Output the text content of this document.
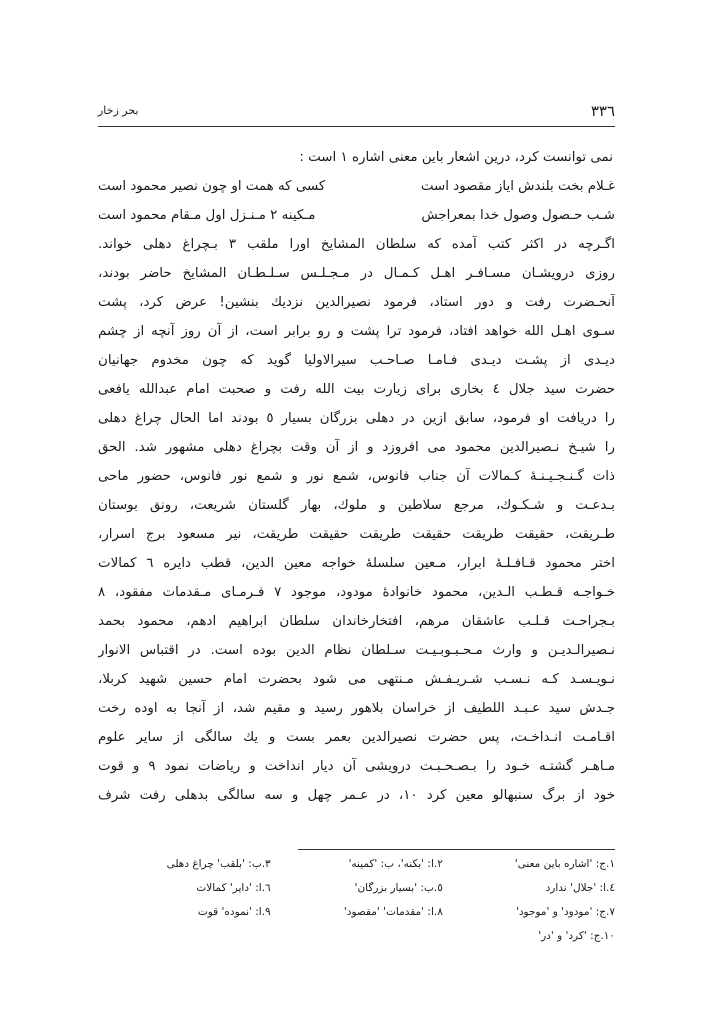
٣٣٦
بحر زخار
نمی توانست کرد، درین اشعار باین معنی اشاره ١ است :
غـلام بخت بلندش ایاز مقصود است
کسی که همت او چون نصیر محمود است
شـب حـصول وصول خدا بمعراجش
مـکینه ٢ مـنـزل اول مـقام محمود است
اگـرچه در اکثر کتب آمده که سلطان المشایخ اورا ملقب ٣ بـچراغ دهلی خواند.
روزی درویشـان مسـافـر اهـل کـمـال در مـجـلـس سـلـطـان المشایخ حاضر بودند،
آنحـضرت رفت و دور استاد، فرمود نصیرالدین نزدیك بنشین! عرض کرد، پشت
سـوی اهـل الله خواهد افتاد، فرمود ترا پشت و رو برابر است، از آن روز آنچه از چشم
دیـدی از پشـت دیـدی فـامـا صـاحـب سیرالاولیا گوید که چون مخدوم جهانیان
حضرت سید جلال ٤ بخاری برای زیارت بیت الله رفت و صحبت امام عبدالله یافعی
را دریافت او فرمود، سابق ازین در دهلی بزرگان بسیار ٥ بودند اما الحال چراغ دهلی
را شیـخ نـصیرالدین محمود می افروزد و از آن وقت بچراغ دهلی مشهور شد. الحق
ذات گـنـجـیـنـهٔ کـمالات آن جناب فانوس، شمع نور و شمع نور فانوس، حضور ماحی
بـدعـت و شـکـوك، مرجع سلاطین و ملوك، بهار گلستان شریعت، رونق بوستان
طـریقت، حقیقت طریقت حقیقت طریقت حقیقت طریقت، نیر مسعود برج اسرار،
اختر محمود قـافـلـهٔ ابرار، مـعین سلسلهٔ خواجه معین الدین، قطب دایره ٦ کمالات
خـواجـه قـطـب الـدین، محمود خانوادهٔ مودود، موجود ٧ فـرمـای مـقدمات مفقود، ٨
بـجراحـت قـلـب عاشقان مرهم، افتخارخاندان سلطان ابراهیم ادهم، محمود بحمد
نـصیرالـدیـن و وارث مـحـبـوبـیـت سـلطان نظام الدین بوده است. در اقتباس الانوار
نـویـسـد کـه نـسـب شـریـفـش مـنتهی می شود بحضرت امام حسین شهید کربلا،
جـدش سید عـبـد اللطیف از خراسان بلاهور رسید و مقیم شد، از آنجا به اوده رخت
اقـامـت انـداخـت، پس حضرت نصیرالدین بعمر بست و یك سالگی از سایر علوم
مـاهـر گشتـه خـود را بـصـحـبـت درویشی آن دیار انداخت و ریاضات نمود ٩ و قوت
خود از برگ سنبهالو معین کرد ١٠، در عـمر چهل و سه سالگی بدهلی رفت شرف
١.ج: 'اشاره باین معنی'
٢.ا: 'بکنه'، ب: 'کمینه'
٣.ب: 'بلقب' چراغ دهلی
٤.ا: 'جلال' ندارد
٥.ب: 'بسیار بزرگان'
٦.ا: 'دایر' کمالات
٧.ج: 'مودود' و 'موجود'
٨.ا: 'مقدمات' 'مقصود'
٩.ا: 'نموده' قوت
١٠.ج: 'کرد' و 'در'
